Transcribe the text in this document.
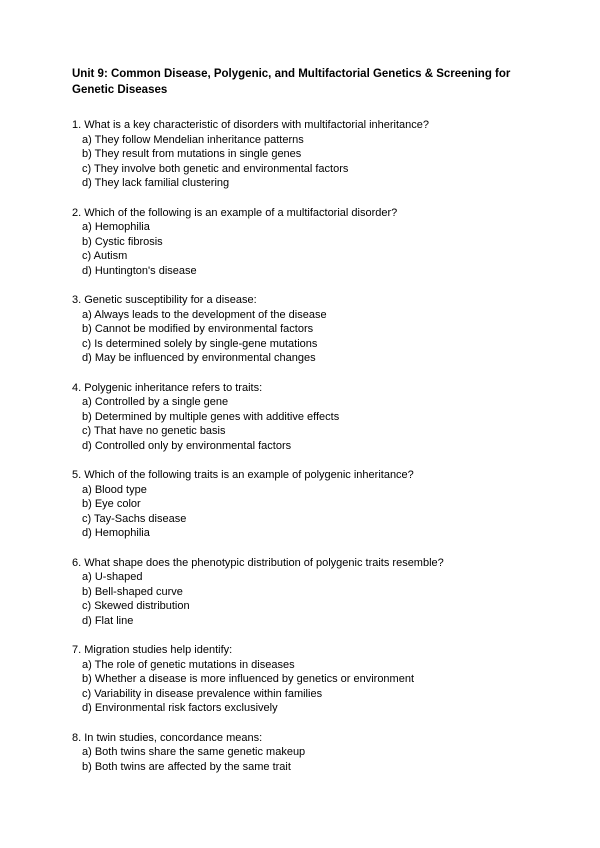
Unit 9: Common Disease, Polygenic, and Multifactorial Genetics & Screening for Genetic Diseases

1. What is a key characteristic of disorders with multifactorial inheritance?
a) They follow Mendelian inheritance patterns
b) They result from mutations in single genes
c) They involve both genetic and environmental factors
d) They lack familial clustering
2. Which of the following is an example of a multifactorial disorder?
a) Hemophilia
b) Cystic fibrosis
c) Autism
d) Huntington's disease
3. Genetic susceptibility for a disease:
a) Always leads to the development of the disease
b) Cannot be modified by environmental factors
c) Is determined solely by single-gene mutations
d) May be influenced by environmental changes
4. Polygenic inheritance refers to traits:
a) Controlled by a single gene
b) Determined by multiple genes with additive effects
c) That have no genetic basis
d) Controlled only by environmental factors
5. Which of the following traits is an example of polygenic inheritance?
a) Blood type
b) Eye color
c) Tay-Sachs disease
d) Hemophilia
6. What shape does the phenotypic distribution of polygenic traits resemble?
a) U-shaped
b) Bell-shaped curve
c) Skewed distribution
d) Flat line
7. Migration studies help identify:
a) The role of genetic mutations in diseases
b) Whether a disease is more influenced by genetics or environment
c) Variability in disease prevalence within families
d) Environmental risk factors exclusively
8. In twin studies, concordance means:
a) Both twins share the same genetic makeup
b) Both twins are affected by the same trait
